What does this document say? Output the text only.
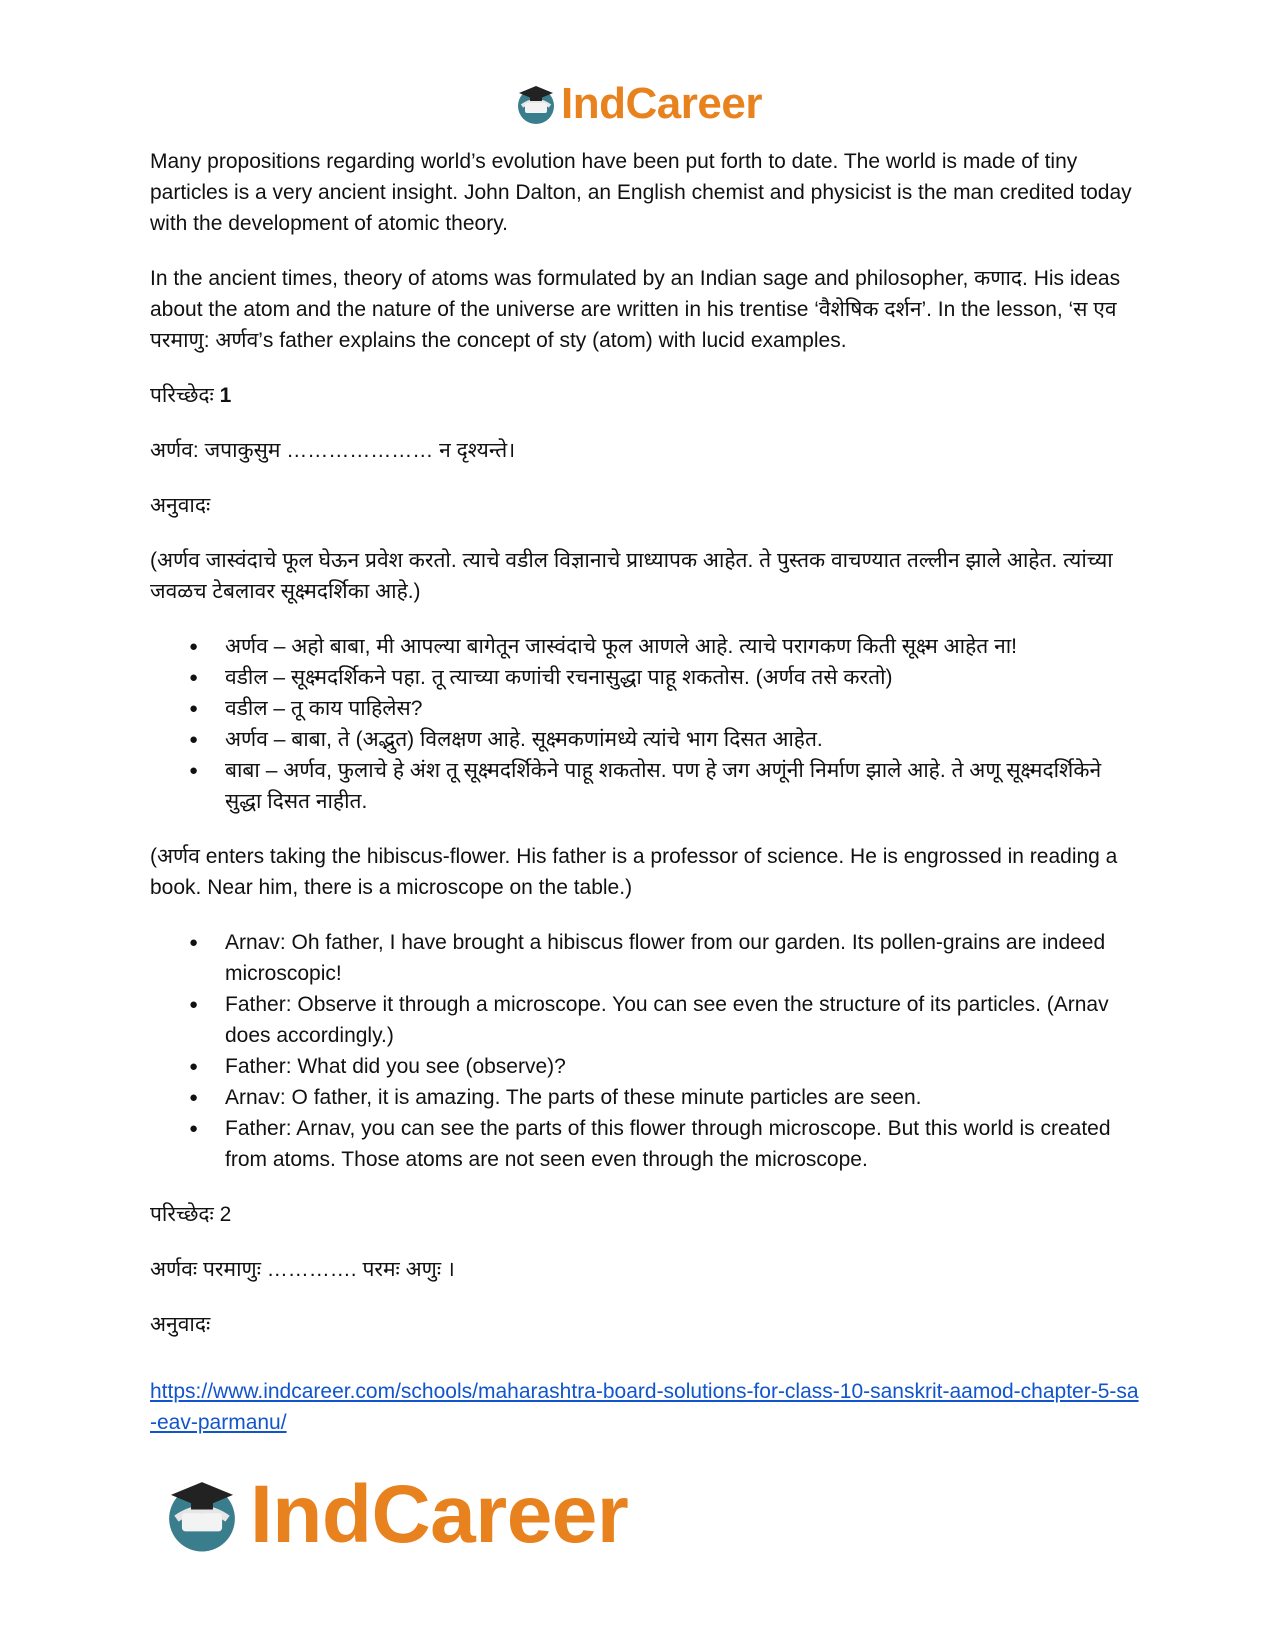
IndCareer

Many propositions regarding world’s evolution have been put forth to date. The world is made of tiny particles is a very ancient insight. John Dalton, an English chemist and physicist is the man credited today with the development of atomic theory.

In the ancient times, theory of atoms was formulated by an Indian sage and philosopher, कणाद. His ideas about the atom and the nature of the universe are written in his trentise ‘वैशेषिक दर्शन’. In the lesson, ‘स एव परमाणु: अर्णव’s father explains the concept of sty (atom) with lucid examples.

परिच्छेदः 1

अर्णव: जपाकुसुम ………………… न दृश्यन्ते।

अनुवादः

(अर्णव जास्वंदाचे फूल घेऊन प्रवेश करतो. त्याचे वडील विज्ञानाचे प्राध्यापक आहेत. ते पुस्तक वाचण्यात तल्लीन झाले आहेत. त्यांच्या जवळच टेबलावर सूक्ष्मदर्शिका आहे.)

● अर्णव – अहो बाबा, मी आपल्या बागेतून जास्वंदाचे फूल आणले आहे. त्याचे परागकण किती सूक्ष्म आहेत ना!
● वडील – सूक्ष्मदर्शिकने पहा. तू त्याच्या कणांची रचनासुद्धा पाहू शकतोस. (अर्णव तसे करतो)
● वडील – तू काय पाहिलेस?
● अर्णव – बाबा, ते (अद्भुत) विलक्षण आहे. सूक्ष्मकणांमध्ये त्यांचे भाग दिसत आहेत.
● बाबा – अर्णव, फुलाचे हे अंश तू सूक्ष्मदर्शिकेने पाहू शकतोस. पण हे जग अणूंनी निर्माण झाले आहे. ते अणू सूक्ष्मदर्शिकेने सुद्धा दिसत नाहीत.

(अर्णव enters taking the hibiscus-flower. His father is a professor of science. He is engrossed in reading a book. Near him, there is a microscope on the table.)

● Arnav: Oh father, I have brought a hibiscus flower from our garden. Its pollen-grains are indeed microscopic!
● Father: Observe it through a microscope. You can see even the structure of its particles. (Arnav does accordingly.)
● Father: What did you see (observe)?
● Arnav: O father, it is amazing. The parts of these minute particles are seen.
● Father: Arnav, you can see the parts of this flower through microscope. But this world is created from atoms. Those atoms are not seen even through the microscope.

परिच्छेदः 2

अर्णवः परमाणुः …………. परमः अणुः ।

अनुवादः

https://www.indcareer.com/schools/maharashtra-board-solutions-for-class-10-sanskrit-aamod-chapter-5-sa-eav-parmanu/

IndCareer
